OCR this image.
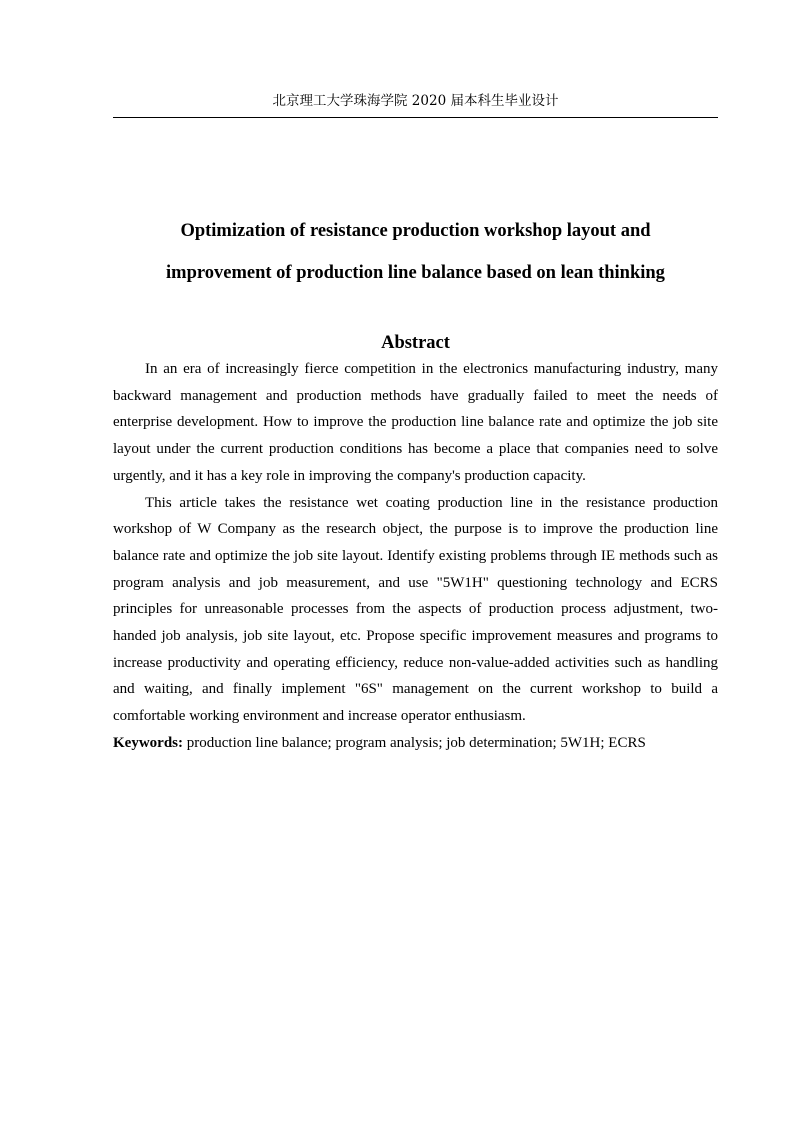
北京理工大学珠海学院 2020 届本科生毕业设计
Optimization of resistance production workshop layout and
improvement of production line balance based on lean thinking
Abstract

In an era of increasingly fierce competition in the electronics manufacturing industry, many backward management and production methods have gradually failed to meet the needs of enterprise development. How to improve the production line balance rate and optimize the job site layout under the current production conditions has become a place that companies need to solve urgently, and it has a key role in improving the company's production capacity.

This article takes the resistance wet coating production line in the resistance production workshop of W Company as the research object, the purpose is to improve the production line balance rate and optimize the job site layout. Identify existing problems through IE methods such as program analysis and job measurement, and use "5W1H" questioning technology and ECRS principles for unreasonable processes from the aspects of production process adjustment, two-handed job analysis, job site layout, etc. Propose specific improvement measures and programs to increase productivity and operating efficiency, reduce non-value-added activities such as handling and waiting, and finally implement "6S" management on the current workshop to build a comfortable working environment and increase operator enthusiasm.

Keywords: production line balance; program analysis; job determination; 5W1H; ECRS
